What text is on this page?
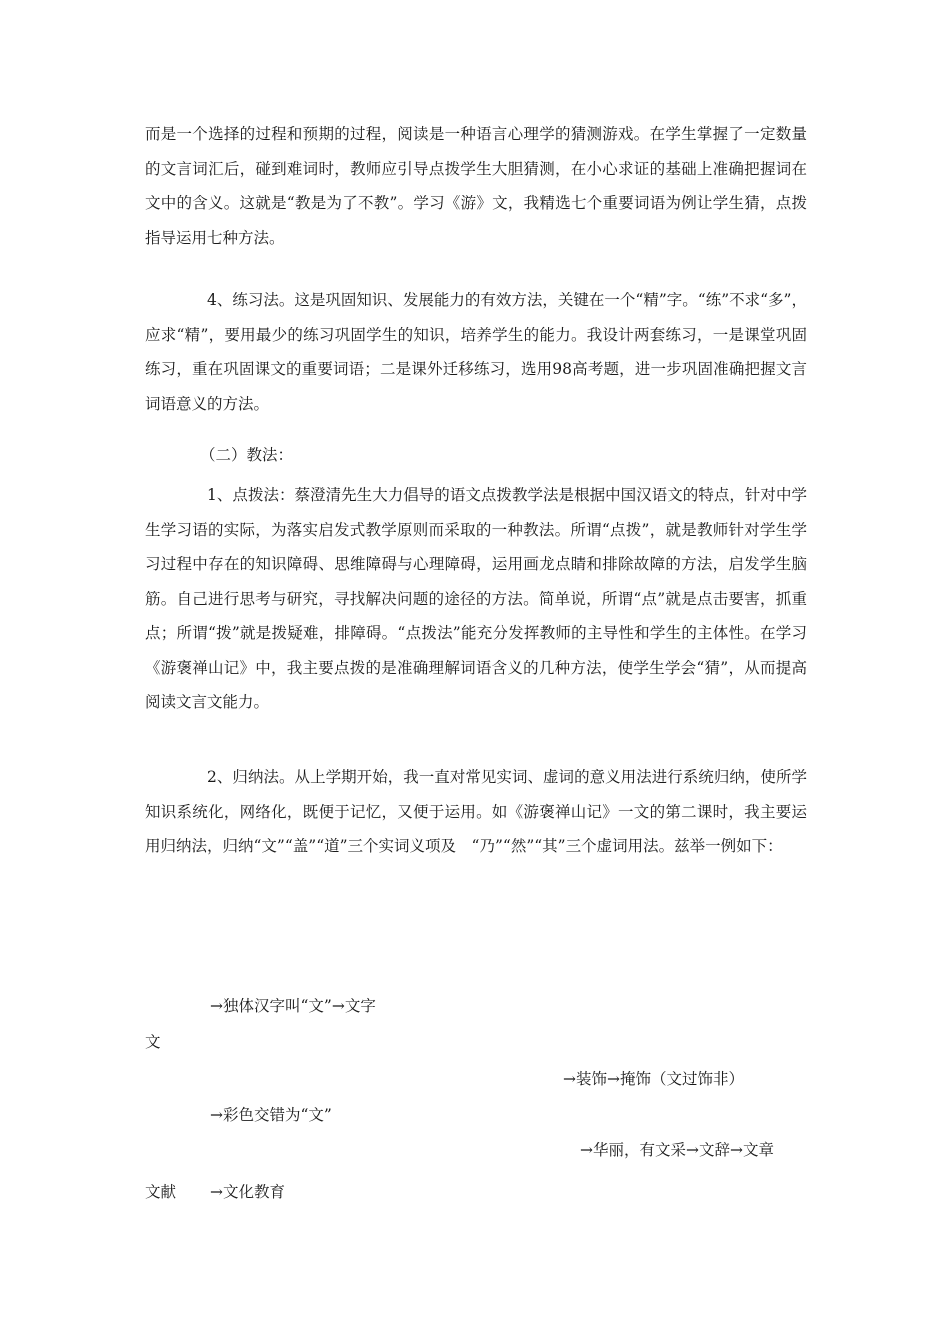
而是一个选择的过程和预期的过程，阅读是一种语言心理学的猜测游戏。在学生掌握了一定数量的文言词汇后，碰到难词时，教师应引导点拨学生大胆猜测，在小心求证的基础上准确把握词在文中的含义。这就是“教是为了不教”。学习《游》文，我精选七个重要词语为例让学生猜，点拨指导运用七种方法。
4、练习法。这是巩固知识、发展能力的有效方法，关键在一个“精”字。“练”不求“多”，应求“精”，要用最少的练习巩固学生的知识，培养学生的能力。我设计两套练习，一是课堂巩固练习，重在巩固课文的重要词语；二是课外迁移练习，选用98高考题，进一步巩固准确把握文言词语意义的方法。
（二）教法：
1、点拨法：蔡澄清先生大力倡导的语文点拨教学法是根据中国汉语文的特点，针对中学生学习语的实际，为落实启发式教学原则而采取的一种教法。所谓“点拨”，就是教师针对学生学习过程中存在的知识障碍、思维障碍与心理障碍，运用画龙点睛和排除故障的方法，启发学生脑筋。自己进行思考与研究，寻找解决问题的途径的方法。简单说，所谓“点”就是点击要害，抓重点；所谓“拨”就是拨疑难，排障碍。“点拨法”能充分发挥教师的主导性和学生的主体性。在学习《游褒禅山记》中，我主要点拨的是准确理解词语含义的几种方法，使学生学会“猜”，从而提高阅读文言文能力。
2、归纳法。从上学期开始，我一直对常见实词、虚词的意义用法进行系统归纳，使所学知识系统化，网络化，既便于记忆，又便于运用。如《游褒禅山记》一文的第二课时，我主要运用归纳法，归纳“文”“盖”“道”三个实词义项及　“乃”“然”“其”三个虚词用法。兹举一例如下：
→独体汉字叫“文”→文字
文
→装饰→掩饰（文过饰非）
→彩色交错为“文”
→华丽，有文采→文辞→文章
文献 →文化教育
